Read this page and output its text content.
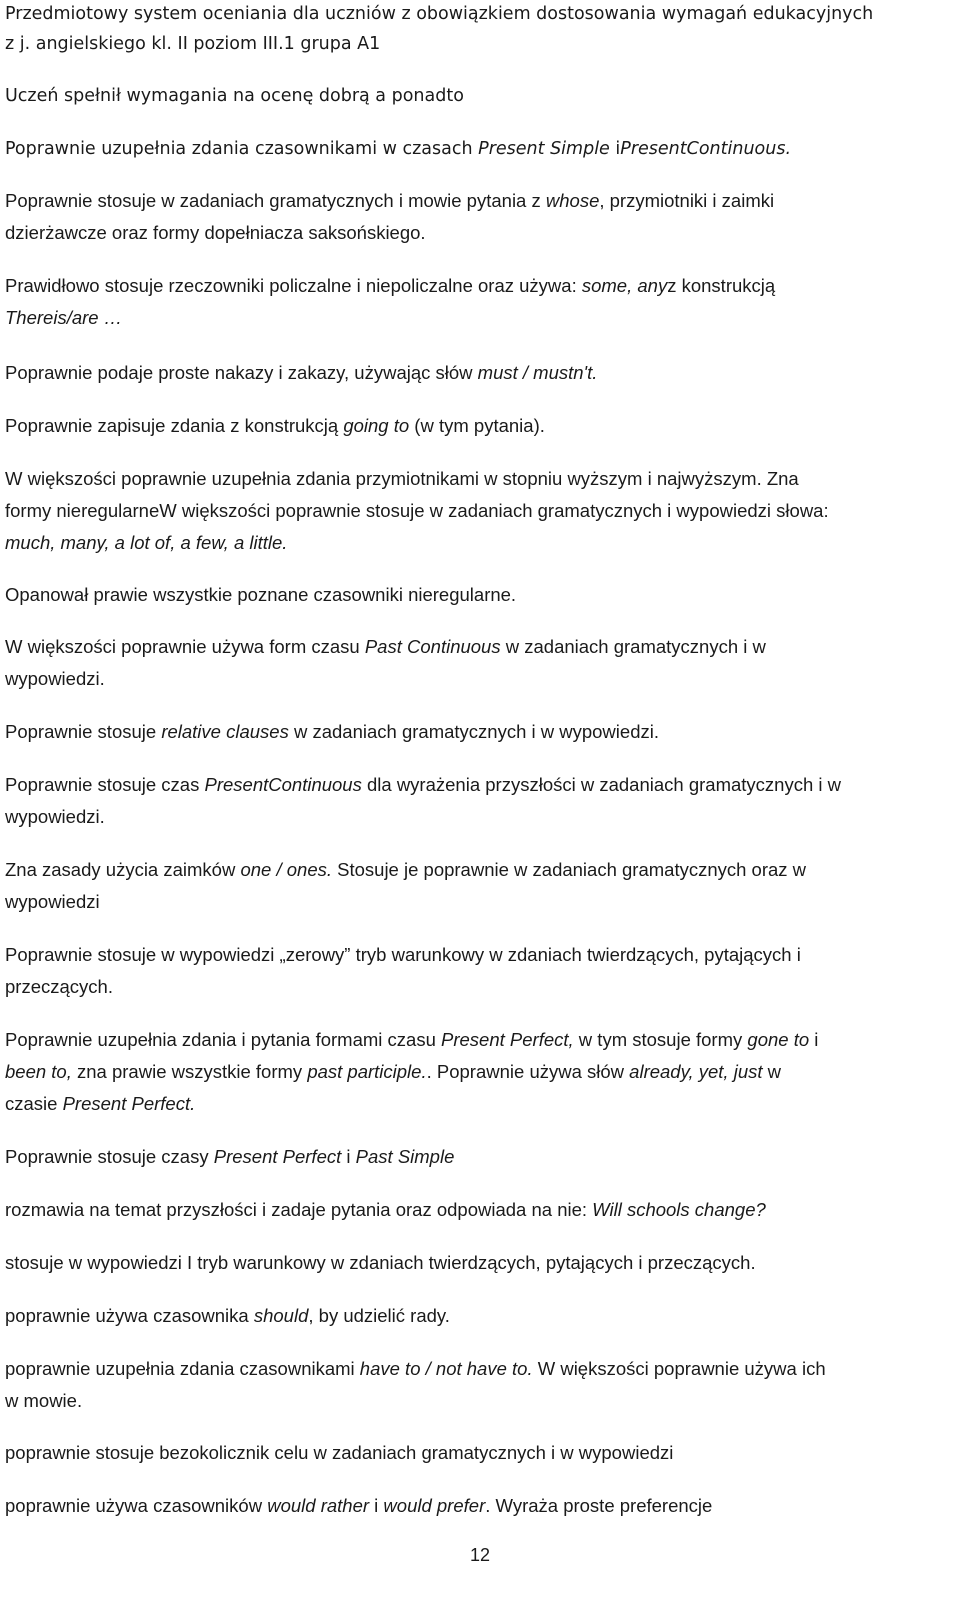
Przedmiotowy system oceniania dla uczniów z obowiązkiem dostosowania wymagań edukacyjnych

z j. angielskiego kl. II poziom III.1 grupa A1

Uczeń spełnił wymagania na ocenę dobrą a ponadto

Poprawnie uzupełnia zdania czasownikami w czasach Present Simple iPresentContinuous.

Poprawnie stosuje w zadaniach gramatycznych i mowie pytania z whose, przymiotniki i zaimki
dzierżawcze oraz formy dopełniacza saksońskiego.

Prawidłowo stosuje rzeczowniki policzalne i niepoliczalne oraz używa: some, anyz konstrukcją
Thereis/are …

Poprawnie podaje proste nakazy i zakazy, używając słów must / mustn't.

Poprawnie zapisuje zdania z konstrukcją going to (w tym pytania).

W większości poprawnie uzupełnia zdania przymiotnikami w stopniu wyższym i najwyższym. Zna
formy nieregularneW większości poprawnie stosuje w zadaniach gramatycznych i wypowiedzi słowa:
much, many, a lot of, a few, a little.

Opanował prawie wszystkie poznane czasowniki nieregularne.

W większości poprawnie używa form czasu Past Continuous w zadaniach gramatycznych i w
wypowiedzi.

Poprawnie stosuje relative clauses w zadaniach gramatycznych i w wypowiedzi.

Poprawnie stosuje czas PresentContinuous dla wyrażenia przyszłości w zadaniach gramatycznych i w
wypowiedzi.

Zna zasady użycia zaimków one / ones. Stosuje je poprawnie w zadaniach gramatycznych oraz w
wypowiedzi

Poprawnie stosuje w wypowiedzi „zerowy” tryb warunkowy w zdaniach twierdzących, pytających i
przeczących.

Poprawnie uzupełnia zdania i pytania formami czasu Present Perfect, w tym stosuje formy gone to i
been to, zna prawie wszystkie formy past participle.. Poprawnie używa słów already, yet, just w
czasie Present Perfect.

Poprawnie stosuje czasy Present Perfect i Past Simple

rozmawia na temat przyszłości i zadaje pytania oraz odpowiada na nie: Will schools change?

stosuje w wypowiedzi I tryb warunkowy w zdaniach twierdzących, pytających i przeczących.

poprawnie używa czasownika should, by udzielić rady.

poprawnie uzupełnia zdania czasownikami have to / not have to. W większości poprawnie używa ich
w mowie.

poprawnie stosuje bezokolicznik celu w zadaniach gramatycznych i w wypowiedzi

poprawnie używa czasowników would rather i would prefer. Wyraża proste preferencje

12
